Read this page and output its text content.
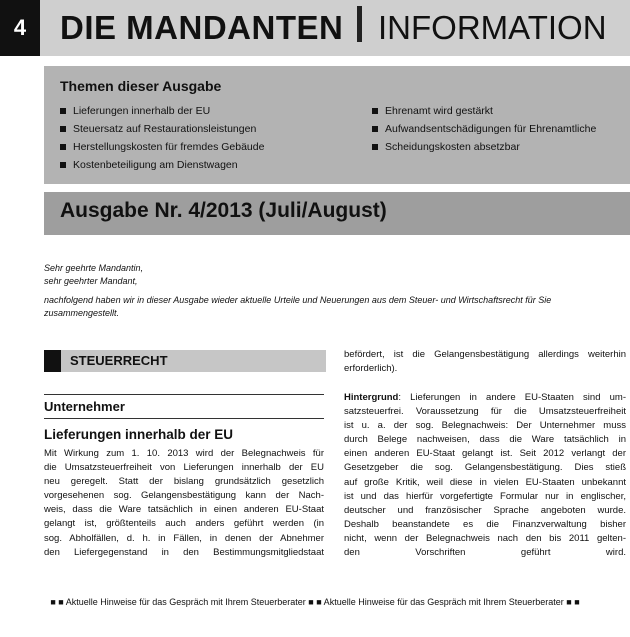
4	DIE MANDANTEN INFORMATION
Themen dieser Ausgabe
Lieferungen innerhalb der EU
Steuersatz auf Restaurationsleistungen
Herstellungskosten für fremdes Gebäude
Kostenbeteiligung am Dienstwagen
Ehrenamt wird gestärkt
Aufwandsentschädigungen für Ehrenamtliche
Scheidungskosten absetzbar
Ausgabe Nr. 4/2013 (Juli/August)
Sehr geehrte Mandantin,
sehr geehrter Mandant,
nachfolgend haben wir in dieser Ausgabe wieder aktuelle Urteile und Neuerungen aus dem Steuer- und Wirtschaftsrecht für Sie
zusammengestellt.
STEUERRECHT
Unternehmer
Lieferungen innerhalb der EU
Mit Wirkung zum 1. 10. 2013 wird der Belegnachweis für
die Umsatzsteuerfreiheit von Lieferungen innerhalb der EU
neu geregelt. Statt der bislang grundsätzlich gesetzlich
vorgesehenen sog. Gelangensbestätigung kann der Nach-
weis, dass die Ware tatsächlich in einen anderen EU-Staat
gelangt ist, größtenteils auch anders geführt werden (in
sog. Abholfällen, d. h. in Fällen, in denen der Abnehmer
den Liefergegenstand in den Bestimmungsmitgliedstaat
befördert, ist die Gelangensbestätigung allerdings weiterhin
erforderlich).
Hintergrund: Lieferungen in andere EU-Staaten sind um-
satzsteuerfrei. Voraussetzung für die Umsatzsteuerfreiheit
ist u. a. der sog. Belegnachweis: Der Unternehmer muss
durch Belege nachweisen, dass die Ware tatsächlich in
einen anderen EU-Staat gelangt ist. Seit 2012 verlangt der
Gesetzgeber die sog. Gelangensbestätigung. Dies stieß
auf große Kritik, weil diese in vielen EU-Staaten unbekannt
ist und das hierfür vorgefertigte Formular nur in englischer,
deutscher und französischer Sprache angeboten wurde.
Deshalb beanstandete es die Finanzverwaltung bisher
nicht, wenn der Belegnachweis nach den bis 2011 gelten-
den Vorschriften geführt wird.
■ ■ Aktuelle Hinweise für das Gespräch mit Ihrem Steuerberater ■ ■ Aktuelle Hinweise für das Gespräch mit Ihrem Steuerberater ■ ■
